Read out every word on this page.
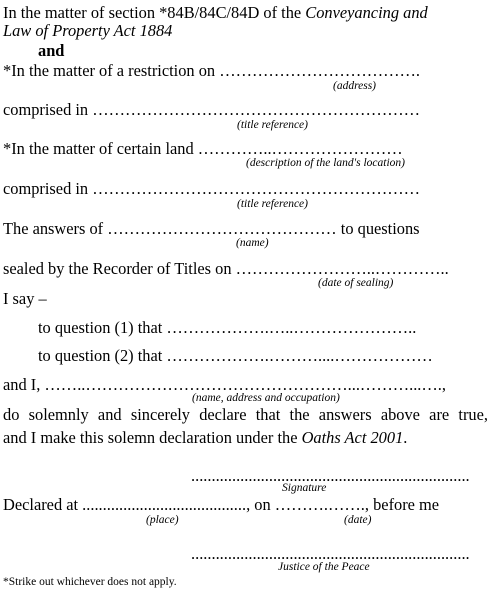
In the matter of section *84B/84C/84D of the Conveyancing and
Law of Property Act 1884
and
*In the matter of a restriction on ……………………………….
(address)
comprised in ……………………………………………………
(title reference)
*In the matter of certain land …………..……………………
(description of the land's location)
comprised in ……………………………………………………
(title reference)
The answers of …………………………………… to questions
(name)
sealed by the Recorder of Titles on ……………………..…………..
(date of sealing)
I say –
to question (1) that ……………….…..…………………..
to question (2) that ……………….………....………………
and I, ……..…………………………………………...………...….,
(name, address and occupation)
do solemnly and sincerely declare that the answers above are true,
and I make this solemn declaration under the Oaths Act 2001.
....................................................................
Signature
Declared at ........................................, on ……….……., before me
(place)	(date)
....................................................................
Justice of the Peace
*Strike out whichever does not apply.
